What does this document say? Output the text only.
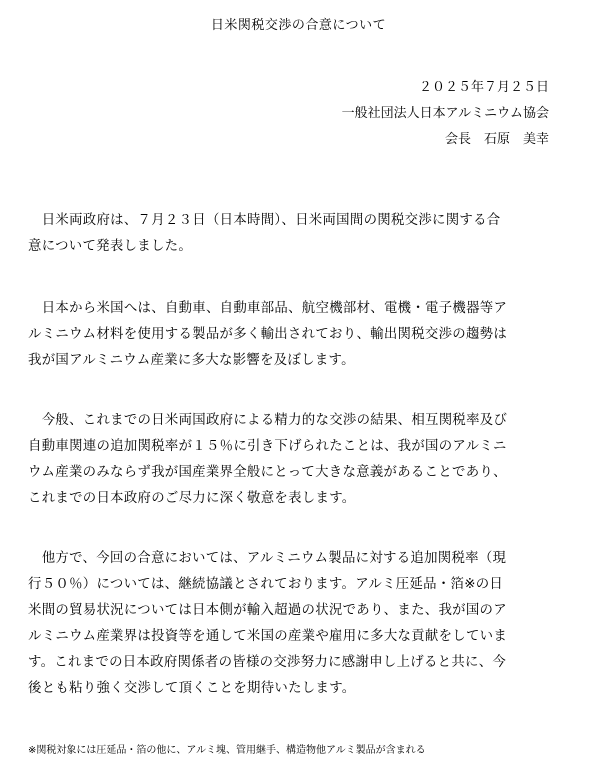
日米関税交渉の合意について
２０２５年７月２５日
一般社団法人日本アルミニウム協会
会長　石原　美幸

　日米両政府は、７月２３日（日本時間）、日米両国間の関税交渉に関する合
意について発表しました。

　日本から米国へは、自動車、自動車部品、航空機部材、電機・電子機器等ア
ルミニウム材料を使用する製品が多く輸出されており、輸出関税交渉の趨勢は
我が国アルミニウム産業に多大な影響を及ぼします。

　今般、これまでの日米両国政府による精力的な交渉の結果、相互関税率及び
自動車関連の追加関税率が１５％に引き下げられたことは、我が国のアルミニ
ウム産業のみならず我が国産業界全般にとって大きな意義があることであり、
これまでの日本政府のご尽力に深く敬意を表します。

　他方で、今回の合意においては、アルミニウム製品に対する追加関税率（現
行５０％）については、継続協議とされております。アルミ圧延品・箔※の日
米間の貿易状況については日本側が輸入超過の状況であり、また、我が国のア
ルミニウム産業界は投資等を通して米国の産業や雇用に多大な貢献をしていま
す。これまでの日本政府関係者の皆様の交渉努力に感謝申し上げると共に、今
後とも粘り強く交渉して頂くことを期待いたします。

※関税対象には圧延品・箔の他に、アルミ塊、管用継手、構造物他アルミ製品が含まれる
